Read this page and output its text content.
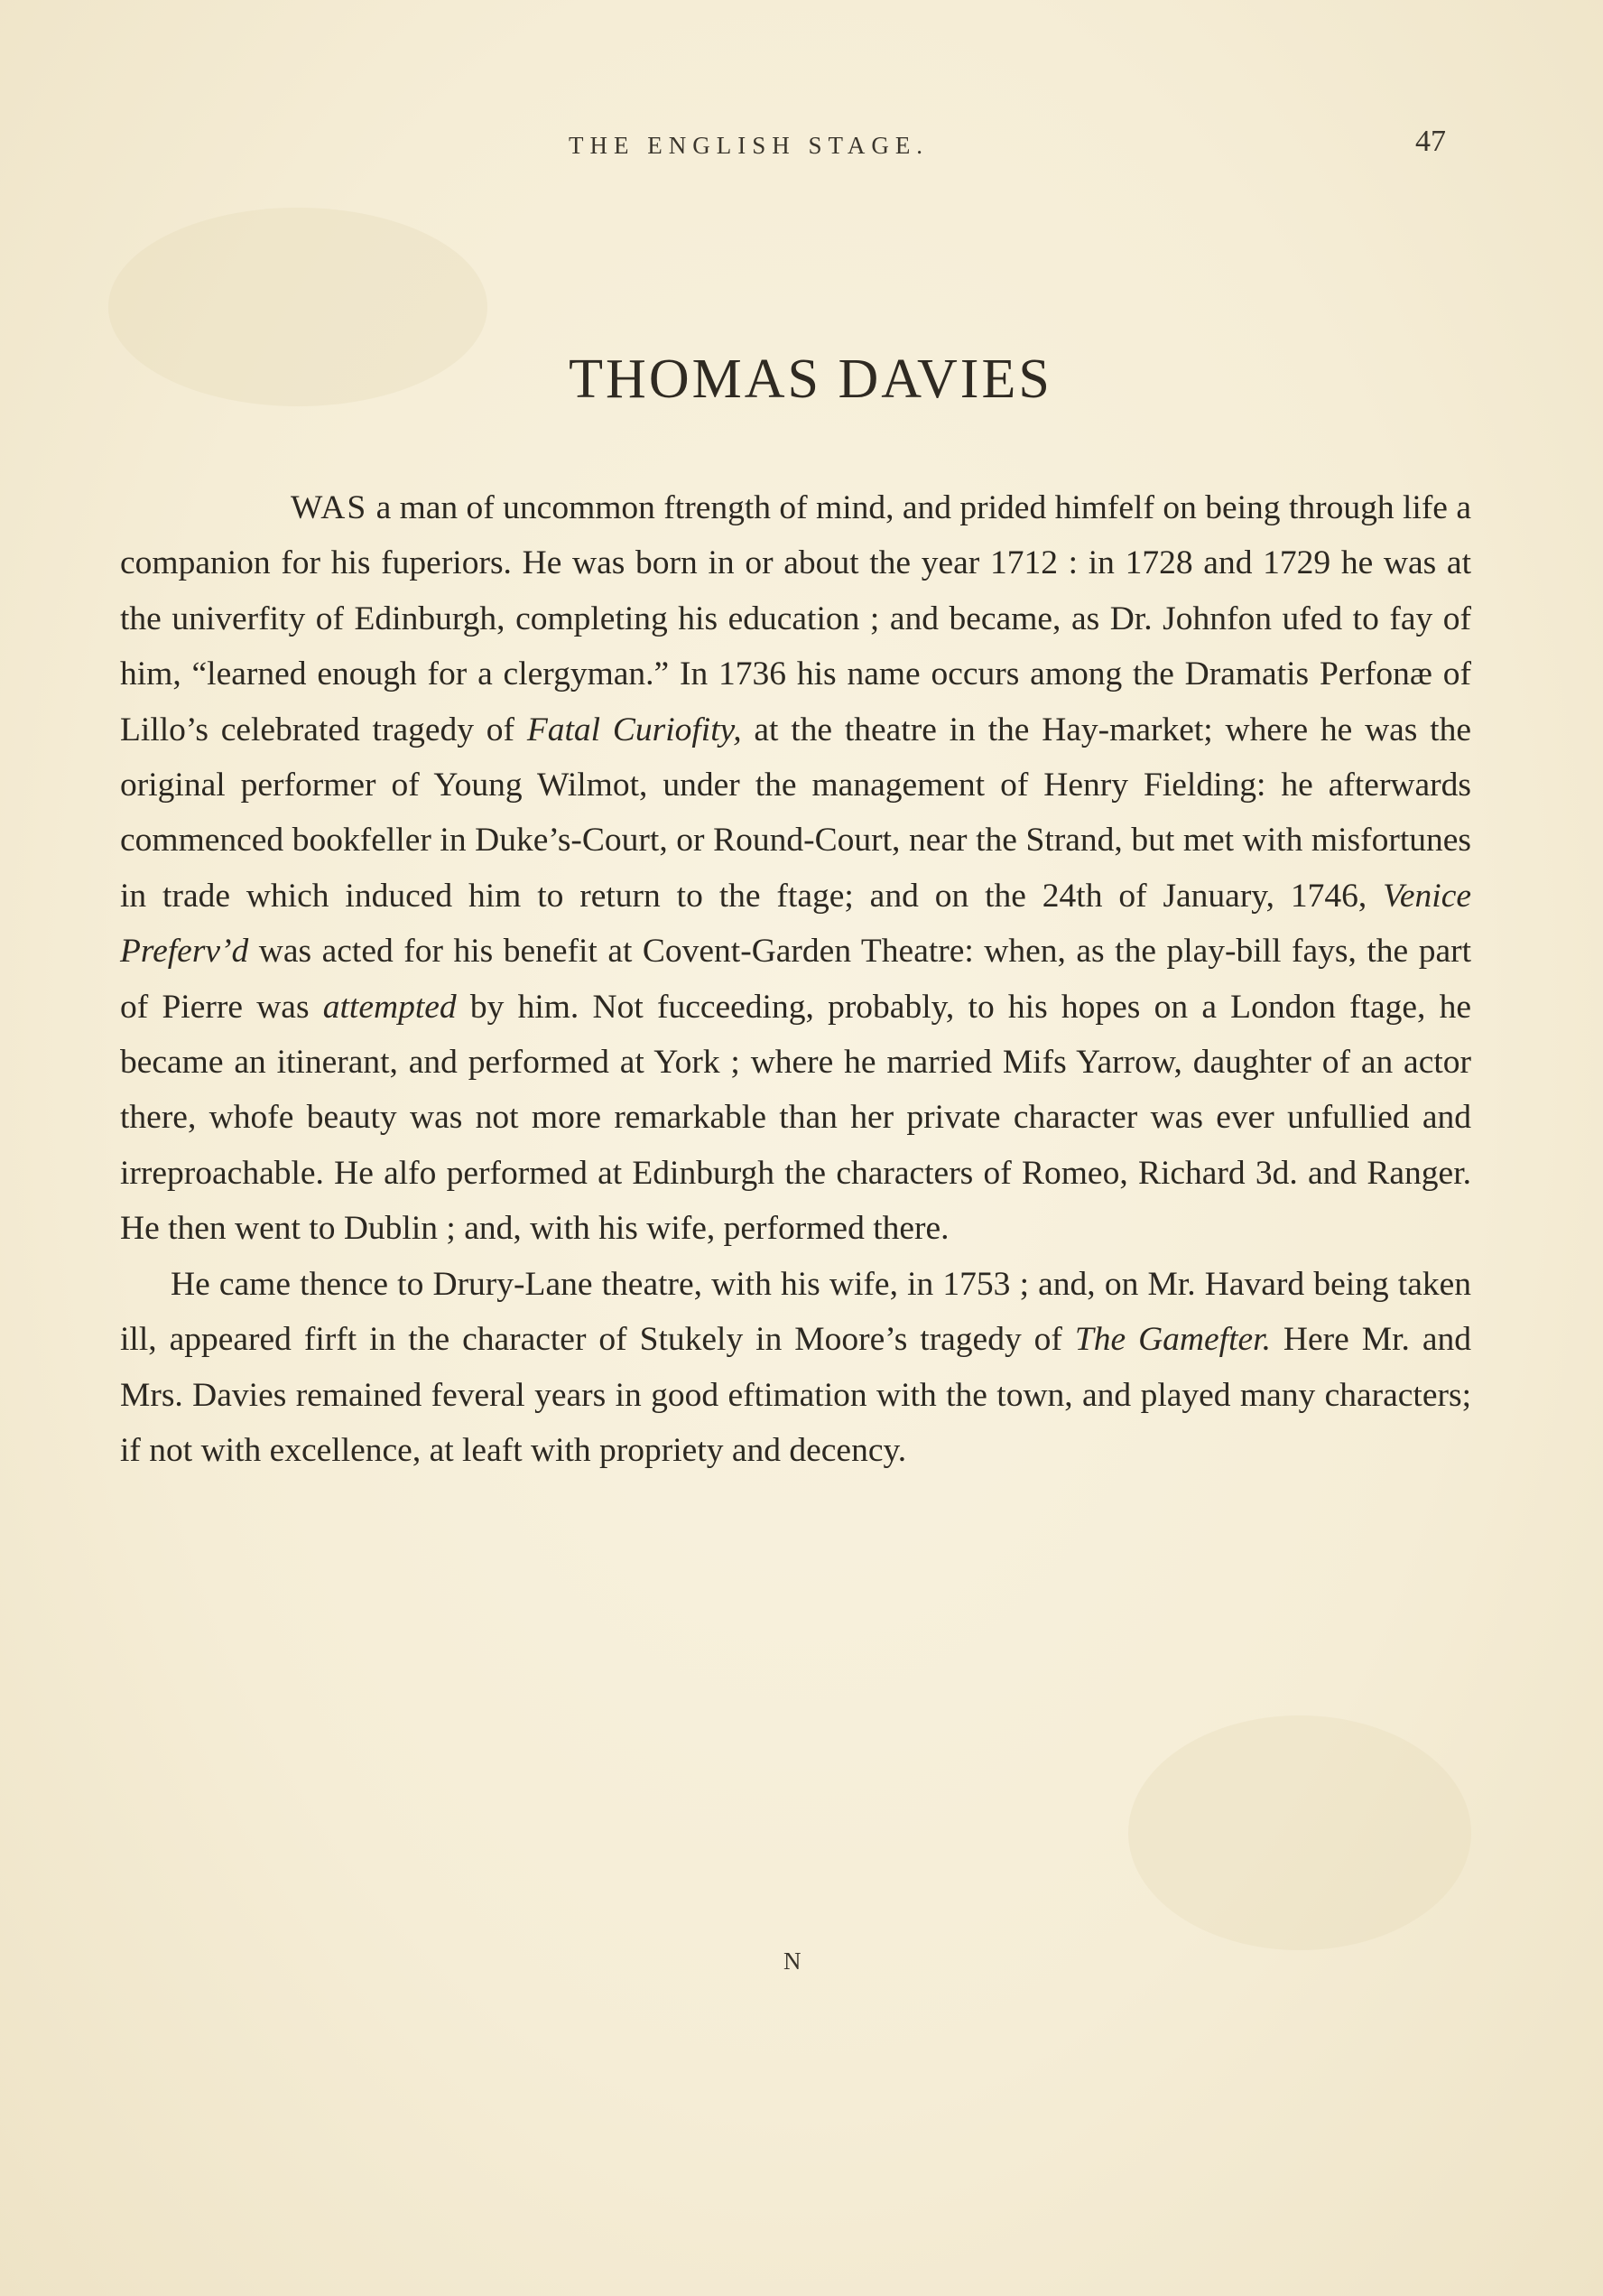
THE ENGLISH STAGE.	47
THOMAS DAVIES

WAS a man of uncommon ftrength of mind, and prided himfelf on being through life a companion for his fuperiors. He was born in or about the year 1712 : in 1728 and 1729 he was at the univerfity of Edinburgh, completing his education ; and became, as Dr. Johnfon ufed to fay of him, “learned enough for a clergyman.” In 1736 his name occurs among the Dramatis Perfonæ of Lillo’s celebrated tragedy of Fatal Curiofity, at the theatre in the Hay-market; where he was the original performer of Young Wilmot, under the management of Henry Fielding: he afterwards commenced bookfeller in Duke’s-Court, or Round-Court, near the Strand, but met with misfortunes in trade which induced him to return to the ftage; and on the 24th of January, 1746, Venice Preferv’d was acted for his benefit at Covent-Garden Theatre: when, as the play-bill fays, the part of Pierre was attempted by him. Not fucceeding, probably, to his hopes on a London ftage, he became an itinerant, and performed at York ; where he married Mifs Yarrow, daughter of an actor there, whofe beauty was not more remarkable than her private character was ever unfullied and irreproachable. He alfo performed at Edinburgh the characters of Romeo, Richard 3d. and Ranger. He then went to Dublin ; and, with his wife, performed there.

He came thence to Drury-Lane theatre, with his wife, in 1753 ; and, on Mr. Havard being taken ill, appeared firft in the character of Stukely in Moore’s tragedy of The Gamefter. Here Mr. and Mrs. Davies remained feveral years in good eftimation with the town, and played many characters; if not with excellence, at leaft with propriety and decency.

N
